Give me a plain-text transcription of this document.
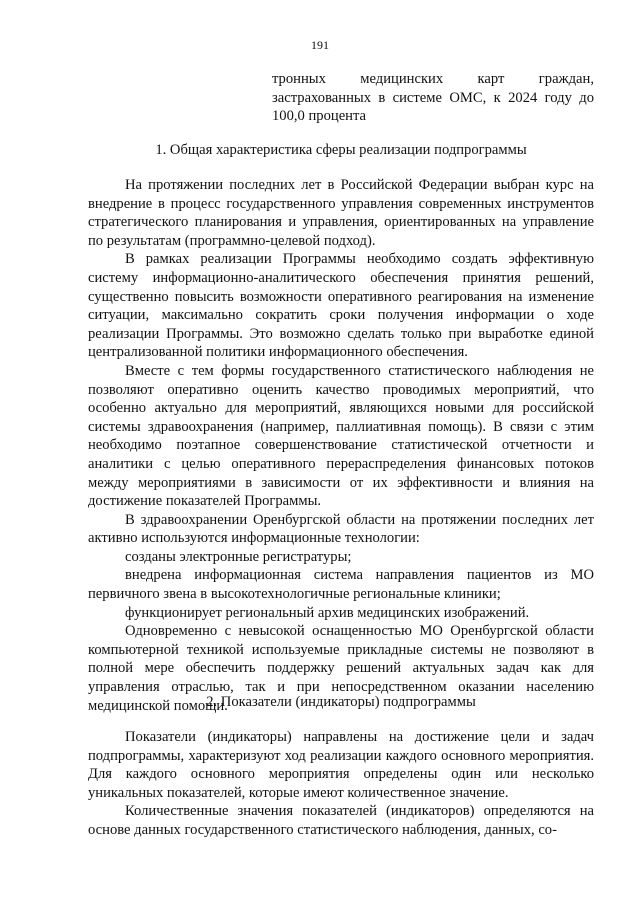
191

тронных медицинских карт граждан, застрахованных в системе ОМС, к 2024 году до 100,0 процента

1. Общая характеристика сферы реализации подпрограммы

На протяжении последних лет в Российской Федерации выбран курс на внедрение в процесс государственного управления современных инструментов стратегического планирования и управления, ориентированных на управление по результатам (программно-целевой подход).

В рамках реализации Программы необходимо создать эффективную систему информационно-аналитического обеспечения принятия решений, существенно повысить возможности оперативного реагирования на изменение ситуации, максимально сократить сроки получения информации о ходе реализации Программы. Это возможно сделать только при выработке единой централизованной политики информационного обеспечения.

Вместе с тем формы государственного статистического наблюдения не позволяют оперативно оценить качество проводимых мероприятий, что особенно актуально для мероприятий, являющихся новыми для российской системы здравоохранения (например, паллиативная помощь). В связи с этим необходимо поэтапное совершенствование статистической отчетности и аналитики с целью оперативного перераспределения финансовых потоков между мероприятиями в зависимости от их эффективности и влияния на достижение показателей Программы.

В здравоохранении Оренбургской области на протяжении последних лет активно используются информационные технологии:

созданы электронные регистратуры;

внедрена информационная система направления пациентов из МО первичного звена в высокотехнологичные региональные клиники;

функционирует региональный архив медицинских изображений.

Одновременно с невысокой оснащенностью МО Оренбургской области компьютерной техникой используемые прикладные системы не позволяют в полной мере обеспечить поддержку решений актуальных задач как для управления отраслью, так и при непосредственном оказании населению медицинской помощи.

2. Показатели (индикаторы) подпрограммы

Показатели (индикаторы) направлены на достижение цели и задач подпрограммы, характеризуют ход реализации каждого основного мероприятия. Для каждого основного мероприятия определены один или несколько уникальных показателей, которые имеют количественное значение.

Количественные значения показателей (индикаторов) определяются на основе данных государственного статистического наблюдения, данных, со-
